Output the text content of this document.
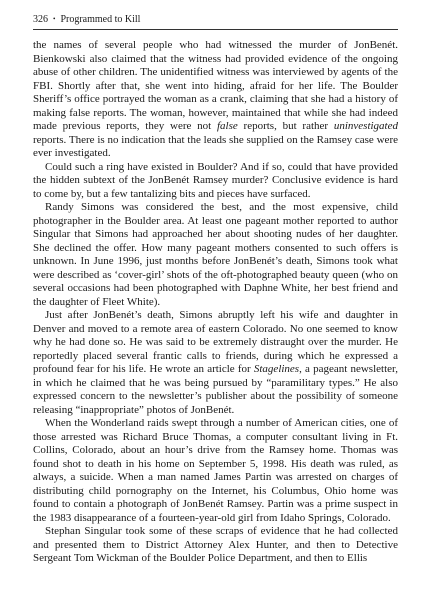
326 • Programmed to Kill

the names of several people who had witnessed the murder of JonBenét. Bienkowski also claimed that the witness had provided evidence of the ongoing abuse of other children. The unidentified witness was interviewed by agents of the FBI. Shortly after that, she went into hiding, afraid for her life. The Boulder Sheriff’s office portrayed the woman as a crank, claiming that she had a history of making false reports. The woman, however, maintained that while she had indeed made previous reports, they were not false reports, but rather uninvestigated reports. There is no indication that the leads she supplied on the Ramsey case were ever investigated.

Could such a ring have existed in Boulder? And if so, could that have provided the hidden subtext of the JonBenét Ramsey murder? Conclusive evidence is hard to come by, but a few tantalizing bits and pieces have surfaced.

Randy Simons was considered the best, and the most expensive, child photographer in the Boulder area. At least one pageant mother reported to author Singular that Simons had approached her about shooting nudes of her daughter. She declined the offer. How many pageant mothers consented to such offers is unknown. In June 1996, just months before JonBenét’s death, Simons took what were described as ‘cover-girl’ shots of the oft-photographed beauty queen (who on several occasions had been photographed with Daphne White, her best friend and the daughter of Fleet White).

Just after JonBenét’s death, Simons abruptly left his wife and daughter in Denver and moved to a remote area of eastern Colorado. No one seemed to know why he had done so. He was said to be extremely distraught over the murder. He reportedly placed several frantic calls to friends, during which he expressed a profound fear for his life. He wrote an article for Stagelines, a pageant newsletter, in which he claimed that he was being pursued by “paramilitary types.” He also expressed concern to the newsletter’s publisher about the possibility of someone releasing “inappropriate” photos of JonBenét.

When the Wonderland raids swept through a number of American cities, one of those arrested was Richard Bruce Thomas, a computer consultant living in Ft. Collins, Colorado, about an hour’s drive from the Ramsey home. Thomas was found shot to death in his home on September 5, 1998. His death was ruled, as always, a suicide. When a man named James Partin was arrested on charges of distributing child pornography on the Internet, his Columbus, Ohio home was found to contain a photograph of JonBenét Ramsey. Partin was a prime suspect in the 1983 disappearance of a fourteen-year-old girl from Idaho Springs, Colorado.

Stephan Singular took some of these scraps of evidence that he had collected and presented them to District Attorney Alex Hunter, and then to Detective Sergeant Tom Wickman of the Boulder Police Department, and then to Ellis
